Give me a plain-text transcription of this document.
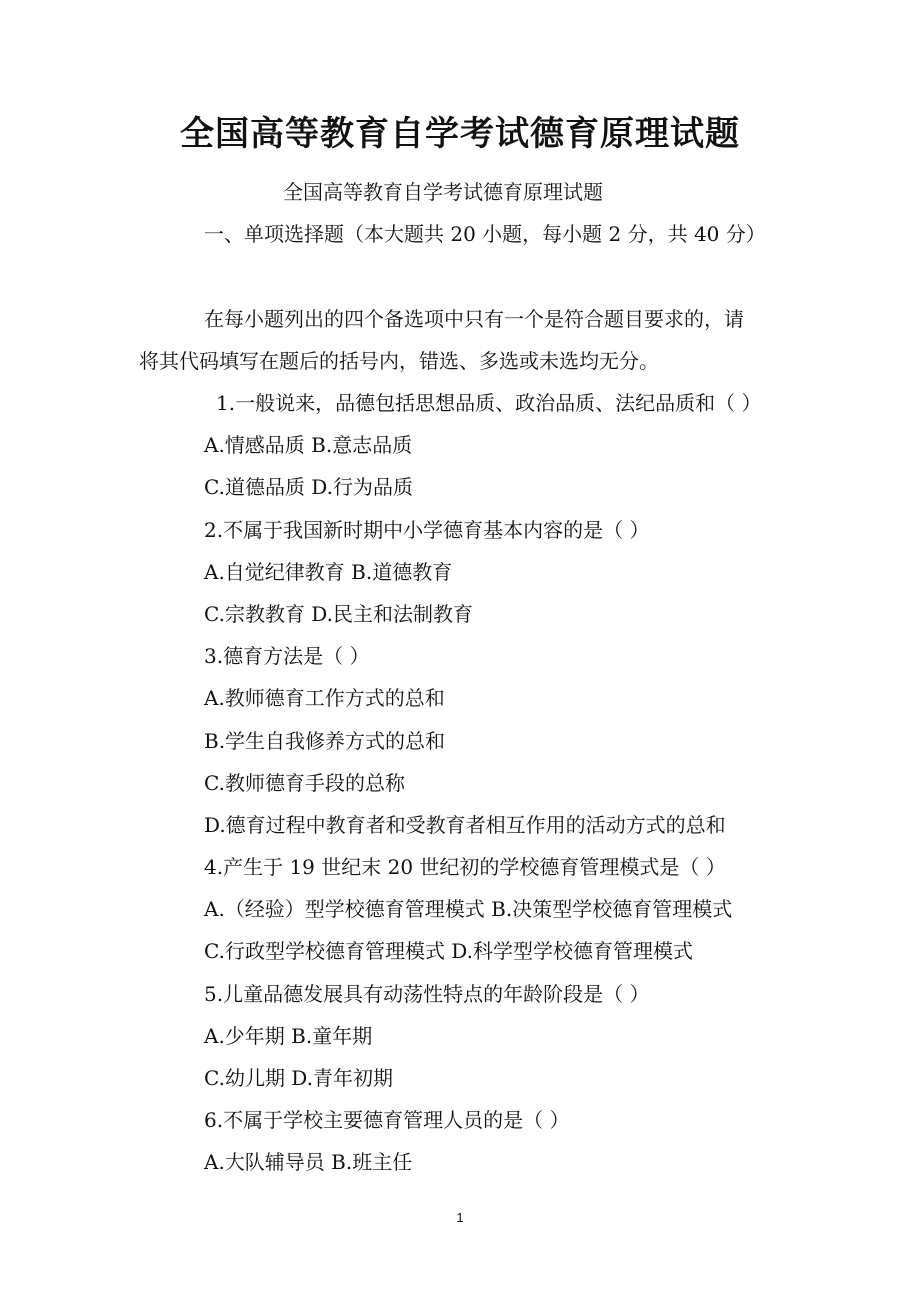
全国高等教育自学考试德育原理试题
全国高等教育自学考试德育原理试题
一、单项选择题（本大题共 20 小题，每小题 2 分，共 40 分）
在每小题列出的四个备选项中只有一个是符合题目要求的，请
将其代码填写在题后的括号内，错选、多选或未选均无分。
1.一般说来，品德包括思想品质、政治品质、法纪品质和（ ）
A.情感品质 B.意志品质
C.道德品质 D.行为品质
2.不属于我国新时期中小学德育基本内容的是（ ）
A.自觉纪律教育 B.道德教育
C.宗教教育 D.民主和法制教育
3.德育方法是（ ）
A.教师德育工作方式的总和
B.学生自我修养方式的总和
C.教师德育手段的总称
D.德育过程中教育者和受教育者相互作用的活动方式的总和
4.产生于 19 世纪末 20 世纪初的学校德育管理模式是（ ）
A.（经验）型学校德育管理模式 B.决策型学校德育管理模式
C.行政型学校德育管理模式 D.科学型学校德育管理模式
5.儿童品德发展具有动荡性特点的年龄阶段是（ ）
A.少年期 B.童年期
C.幼儿期 D.青年初期
6.不属于学校主要德育管理人员的是（ ）
A.大队辅导员 B.班主任
1
